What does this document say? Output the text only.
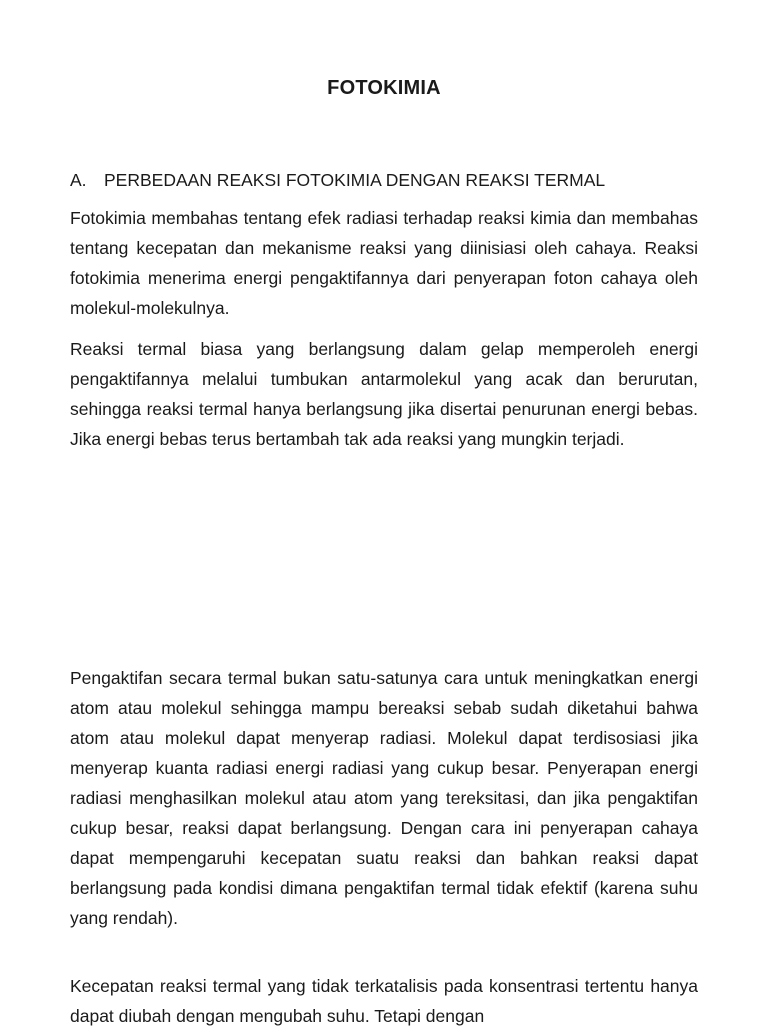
FOTOKIMIA
A. PERBEDAAN REAKSI FOTOKIMIA DENGAN REAKSI TERMAL

Fotokimia membahas tentang efek radiasi terhadap reaksi kimia dan membahas tentang kecepatan dan mekanisme reaksi yang diinisiasi oleh cahaya. Reaksi fotokimia menerima energi pengaktifannya dari penyerapan foton cahaya oleh molekul-molekulnya.

Reaksi termal biasa yang berlangsung dalam gelap memperoleh energi pengaktifannya melalui tumbukan antarmolekul yang acak dan berurutan, sehingga reaksi termal hanya berlangsung jika disertai penurunan energi bebas. Jika energi bebas terus bertambah tak ada reaksi yang mungkin terjadi.

Pengaktifan secara termal bukan satu-satunya cara untuk meningkatkan energi atom atau molekul sehingga mampu bereaksi sebab sudah diketahui bahwa atom atau molekul dapat menyerap radiasi. Molekul dapat terdisosiasi jika menyerap kuanta radiasi energi radiasi yang cukup besar. Penyerapan energi radiasi menghasilkan molekul atau atom yang tereksitasi, dan jika pengaktifan cukup besar, reaksi dapat berlangsung. Dengan cara ini penyerapan cahaya dapat mempengaruhi kecepatan suatu reaksi dan bahkan reaksi dapat berlangsung pada kondisi dimana pengaktifan termal tidak efektif (karena suhu yang rendah).

Kecepatan reaksi termal yang tidak terkatalisis pada konsentrasi tertentu hanya dapat diubah dengan mengubah suhu. Tetapi dengan
